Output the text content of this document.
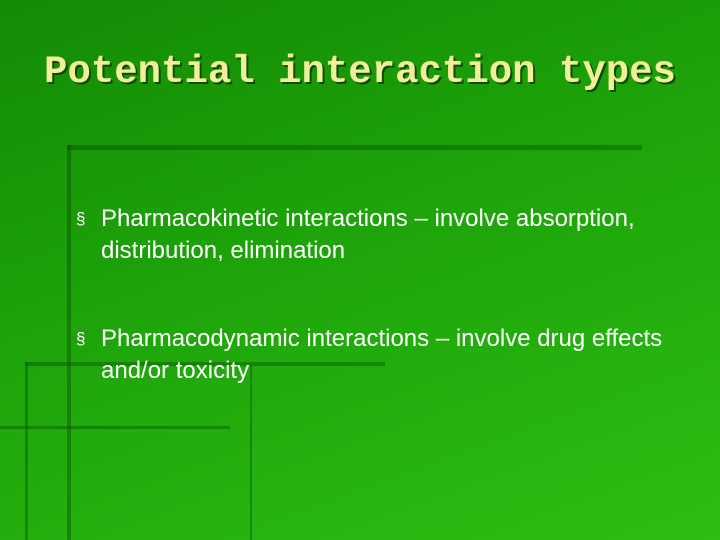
Potential interaction types
§ Pharmacokinetic interactions – involve absorption, distribution, elimination
§ Pharmacodynamic interactions – involve drug effects and/or toxicity
